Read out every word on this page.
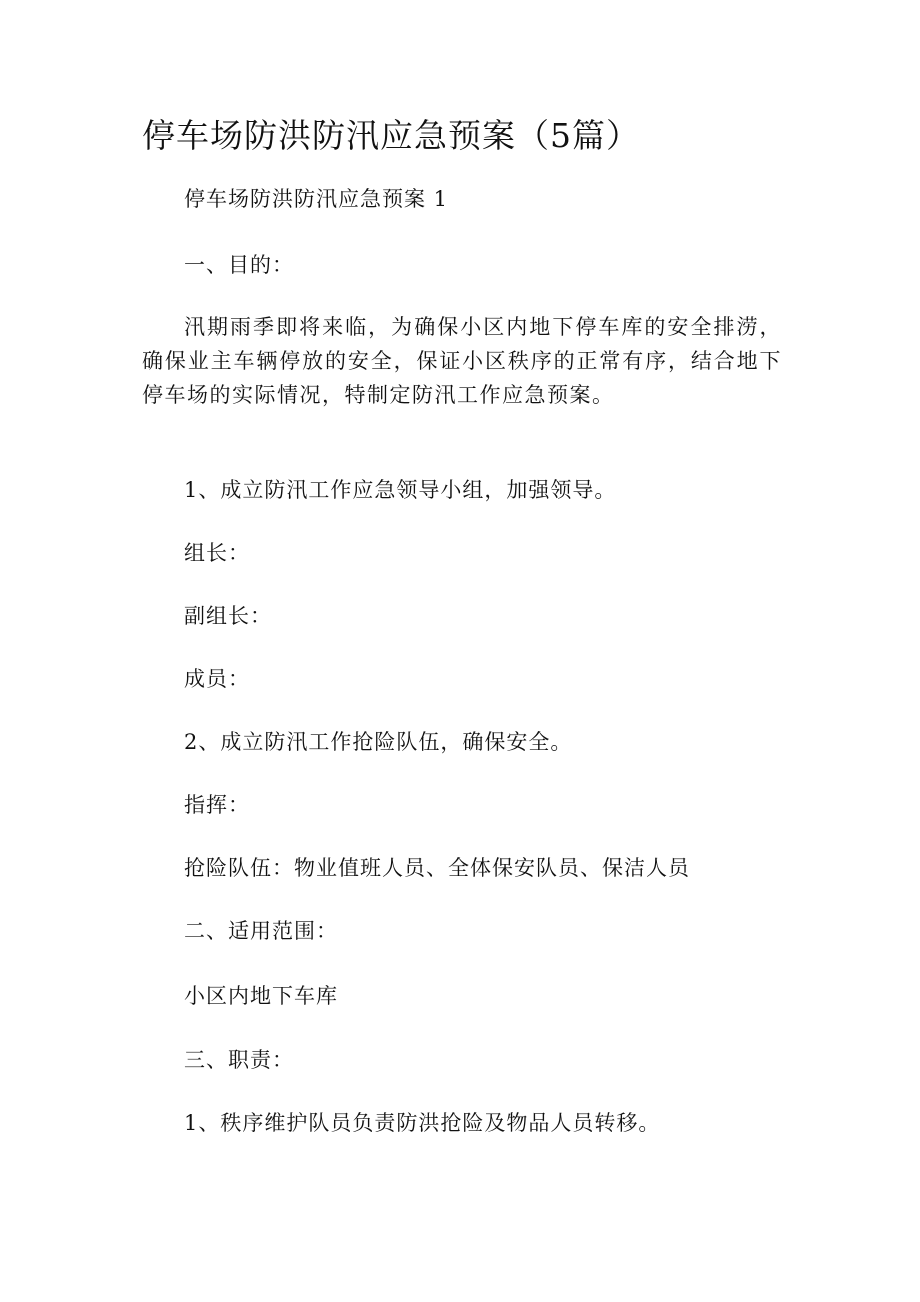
停车场防洪防汛应急预案（5篇）

停车场防洪防汛应急预案 1

一、目的：

汛期雨季即将来临，为确保小区内地下停车库的安全排涝，确保业主车辆停放的安全，保证小区秩序的正常有序，结合地下停车场的实际情况，特制定防汛工作应急预案。

1、成立防汛工作应急领导小组，加强领导。

组长：

副组长：

成员：

2、成立防汛工作抢险队伍，确保安全。

指挥：

抢险队伍：物业值班人员、全体保安队员、保洁人员

二、适用范围：

小区内地下车库

三、职责：

1、秩序维护队员负责防洪抢险及物品人员转移。
